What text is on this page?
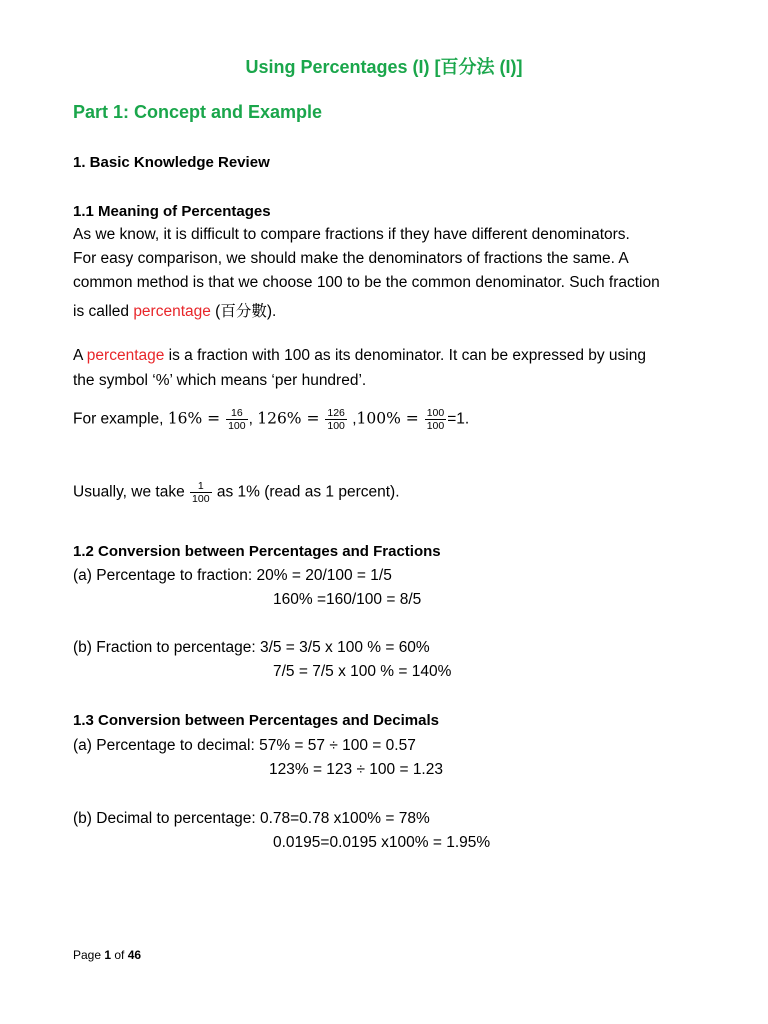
Using Percentages (I) [百分法 (I)]
Part 1: Concept and Example
1. Basic Knowledge Review
1.1 Meaning of Percentages
As we know, it is difficult to compare fractions if they have different denominators.
For easy comparison, we should make the denominators of fractions the same. A
common method is that we choose 100 to be the common denominator. Such fraction
is called percentage (百分數).
A percentage is a fraction with 100 as its denominator. It can be expressed by using
the symbol ‘%’ which means ‘per hundred’.
For example, $16\% = \frac{16}{100}$ , $126\% = \frac{126}{100} ,100\% = \frac{100}{100} =1$.
Usually, we take $\frac{1}{100}$ as 1% (read as 1 percent).
1.2 Conversion between Percentages and Fractions
(a) Percentage to fraction: 20% = 20/100 = 1/5
160% =160/100 = 8/5
(b) Fraction to percentage: 3/5 = 3/5 x 100 % = 60%
7/5 = 7/5 x 100 % = 140%
1.3 Conversion between Percentages and Decimals
(a) Percentage to decimal: 57% = 57 ÷ 100 = 0.57
123% = 123 ÷ 100 = 1.23
(b) Decimal to percentage: 0.78=0.78 x100% = 78%
0.0195=0.0195 x100% = 1.95%
Page 1 of 46
